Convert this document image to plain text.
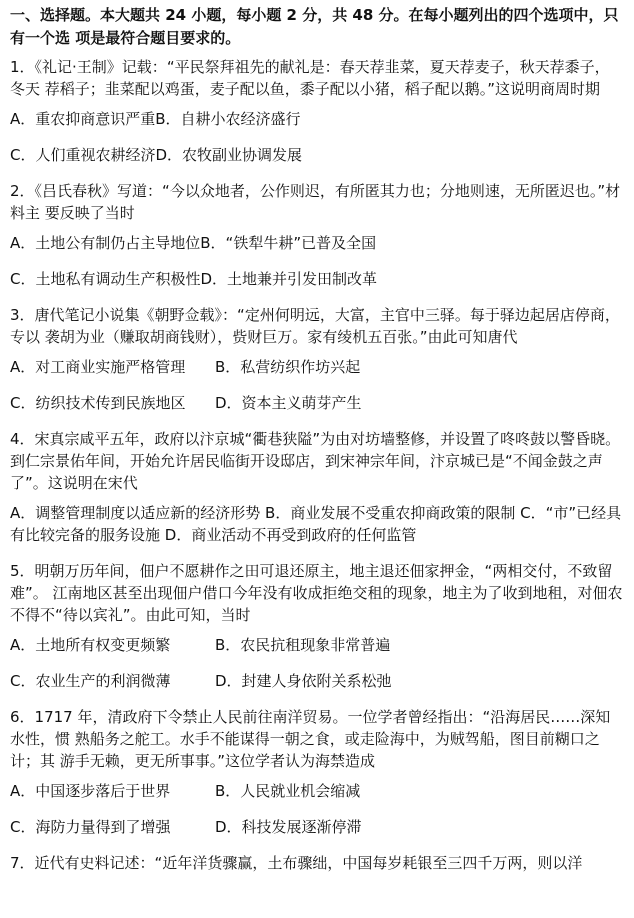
一、选择题。本大题共 24 小题，每小题 2 分，共 48 分。在每小题列出的四个选项中，只
有一个选 项是最符合题目要求的。
1．《礼记·王制》记载：“平民祭拜祖先的献礼是：春天荐韭菜，夏天荐麦子，秋天荐黍子，冬天 荐稻子；韭菜配以鸡蛋，麦子配以鱼，黍子配以小猪，稻子配以鹅。”这说明商周时期
A．重农抑商意识严重B．自耕小农经济盛行
C．人们重视农耕经济D．农牧副业协调发展
2．《吕氏春秋》写道：“今以众地者，公作则迟，有所匿其力也；分地则速，无所匿迟也。”材料主 要反映了当时
A．土地公有制仍占主导地位B．“铁犁牛耕”已普及全国
C．土地私有调动生产积极性D．土地兼并引发田制改革
3．唐代笔记小说集《朝野佥载》：“定州何明远，大富，主官中三驿。每于驿边起居店停商，专以 袭胡为业（赚取胡商钱财），赀财巨万。家有绫机五百张。”由此可知唐代
A．对工商业实施严格管理 B．私营纺织作坊兴起
C．纺织技术传到民族地区 D．资本主义萌芽产生
4．宋真宗咸平五年，政府以汴京城“衢巷狭隘”为由对坊墙整修，并设置了咚咚鼓以警昏晓。 到仁宗景佑年间，开始允许居民临街开设邸店，到宋神宗年间，汴京城已是“不闻金鼓之声 了”。这说明在宋代
A．调整管理制度以适应新的经济形势 B．商业发展不受重农抑商政策的限制 C．“市”已经具有比较完备的服务设施 D．商业活动不再受到政府的任何监管
5．明朝万历年间，佃户不愿耕作之田可退还原主，地主退还佃家押金，“两相交付，不致留难”。 江南地区甚至出现佃户借口今年没有收成拒绝交租的现象，地主为了收到地租，对佃农不得不“待以宾礼”。由此可知，当时
A．土地所有权变更频繁	B．农民抗租现象非常普遍
C．农业生产的利润微薄	D．封建人身依附关系松弛
6．1717 年，清政府下令禁止人民前往南洋贸易。一位学者曾经指出：“沿海居民……深知水性，惯 熟船务之舵工。水手不能谋得一朝之食，或走险海中，为贼驾船，图目前糊口之计；其 游手无赖，更无所事事。”这位学者认为海禁造成
A．中国逐步落后于世界	B．人民就业机会缩减
C．海防力量得到了增强	D．科技发展逐渐停滞
7．近代有史料记述：“近年洋货骤赢，土布骤绌，中国每岁耗银至三四千万两，则以洋
